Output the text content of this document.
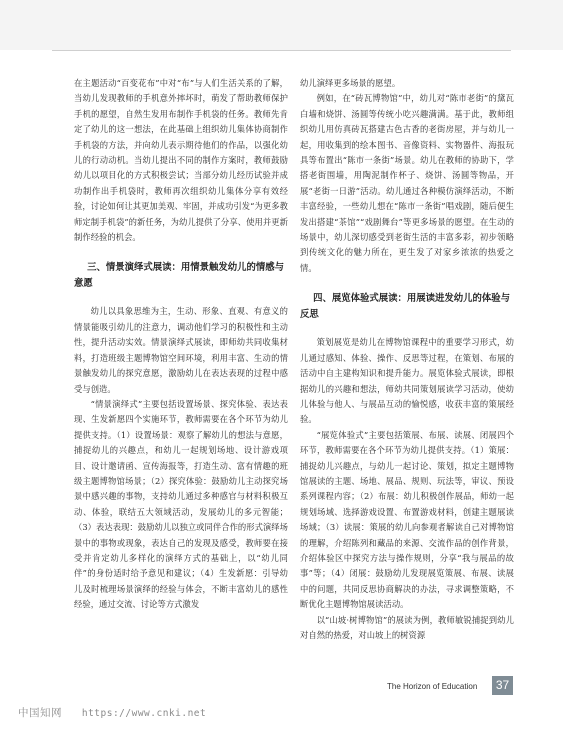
在主题活动“百变花布”中对“布”与人们生活关系的了解，当幼儿发现教师的手机意外摔坏时，萌发了帮助教师保护手机的愿望，自然生发用布制作手机袋的任务。教师先肯定了幼儿的这一想法，在此基础上组织幼儿集体协商制作手机袋的方法，并向幼儿表示期待他们的作品，以强化幼儿的行动动机。当幼儿提出不同的制作方案时，教师鼓励幼儿以项目化的方式积极尝试；当部分幼儿经历试验并成功制作出手机袋时，教师再次组织幼儿集体分享有效经验，讨论如何让其更加美观、牢固，并成功引发“为更多教师定制手机袋”的新任务，为幼儿提供了分享、使用并更新制作经验的机会。

三、情景演绎式展读：用情景触发幼儿的情感与意愿

幼儿以具象思维为主，生动、形象、直观、有意义的情景能吸引幼儿的注意力，调动他们学习的积极性和主动性，提升活动实效。情景演绎式展读，即师幼共同收集材料，打造班级主题博物馆空间环境，利用丰富、生动的情景触发幼儿的探究意愿，激励幼儿在表达表现的过程中感受与创造。

“情景演绎式”主要包括设置场景、探究体验、表达表现、生发新愿四个实施环节，教师需要在各个环节为幼儿提供支持。（1）设置场景：观察了解幼儿的想法与意愿，捕捉幼儿的兴趣点，和幼儿一起规划场地、设计游戏项目、设计邀请函、宣传海报等，打造生动、富有情趣的班级主题博物馆场景；（2）探究体验：鼓励幼儿主动探究场景中感兴趣的事物，支持幼儿通过多种感官与材料积极互动、体验，联结五大领域活动，发展幼儿的多元智能；（3）表达表现：鼓励幼儿以独立或同伴合作的形式演绎场景中的事物或现象，表达自己的发现及感受，教师要在接受并肯定幼儿多样化的演绎方式的基础上，以“幼儿同伴”的身份适时给予意见和建议；（4）生发新愿：引导幼儿及时梳理场景演绎的经验与体会，不断丰富幼儿的感性经验，通过交流、讨论等方式激发

幼儿演绎更多场景的愿望。

例如，在“砖瓦博物馆”中，幼儿对“陈市老街”的黛瓦白墙和烧饼、汤圆等传统小吃兴趣满满。基于此，教师组织幼儿用仿真砖瓦搭建古色古香的老街房屋，并与幼儿一起，用收集到的绘本图书、音像资料、实物器件、海报玩具等布置出“陈市一条街”场景。幼儿在教师的协助下，学搭老街围墙，用陶泥制作杯子、烧饼、汤圆等物品，开展“老街一日游”活动。幼儿通过各种模仿演绎活动，不断丰富经验，一些幼儿想在“陈市一条街”唱戏剧，随后便生发出搭建“茶馆”“戏剧舞台”等更多场景的愿望。在生动的场景中，幼儿深切感受到老街生活的丰富多彩，初步领略到传统文化的魅力所在，更生发了对家乡浓浓的热爱之情。

四、展览体验式展读：用展读进发幼儿的体验与反思

策划展览是幼儿在博物馆课程中的重要学习形式，幼儿通过感知、体验、操作、反思等过程，在策划、布展的活动中自主建构知识和提升能力。展览体验式展读，即根据幼儿的兴趣和想法，师幼共同策划展读学习活动，使幼儿体验与他人、与展品互动的愉悦感，收获丰富的策展经验。

“展览体验式”主要包括策展、布展、读展、闭展四个环节，教师需要在各个环节为幼儿提供支持。（1）策展：捕捉幼儿兴趣点，与幼儿一起讨论、策划，拟定主题博物馆展读的主题、场地、展品、规则、玩法等，审议、预设系列课程内容；（2）布展：幼儿积极创作展品，师幼一起规划场域、选择游戏设置、布置游戏材料，创建主题展读场域；（3）读展：策展的幼儿向参观者解读自己对博物馆的理解，介绍陈列和藏品的来源、交流作品的创作背景，介绍体验区中探究方法与操作规则，分享“我与展品的故事”等；（4）闭展：鼓励幼儿发现展览策展、布展、读展中的问题，共同反思协商解决的办法，寻求调整策略，不断优化主题博物馆展读活动。

以“山坡·树博物馆”的展读为例，教师敏锐捕捉到幼儿对自然的热爱，对山坡上的树资源

The Horizon of Education	37
中国知网 https://www.cnki.net
